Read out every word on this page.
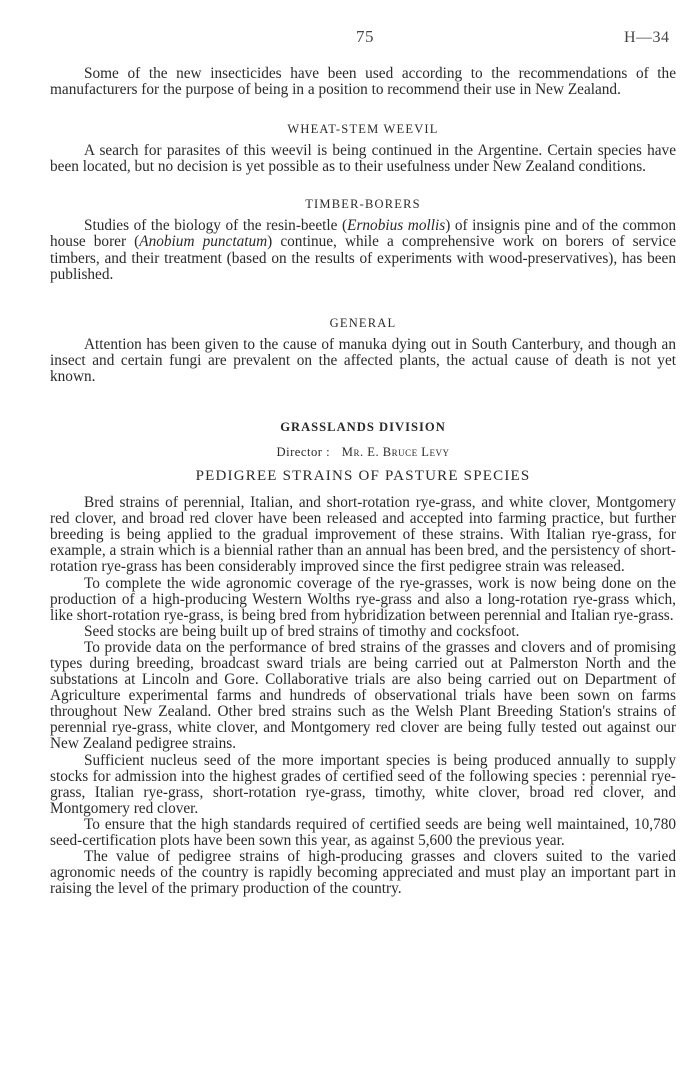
75	H—34

Some of the new insecticides have been used according to the recommendations of the manufacturers for the purpose of being in a position to recommend their use in New Zealand.

WHEAT-STEM WEEVIL

A search for parasites of this weevil is being continued in the Argentine. Certain species have been located, but no decision is yet possible as to their usefulness under New Zealand conditions.

TIMBER-BORERS

Studies of the biology of the resin-beetle (Ernobius mollis) of insignis pine and of the common house borer (Anobium punctatum) continue, while a comprehensive work on borers of service timbers, and their treatment (based on the results of experiments with wood-preservatives), has been published.

GENERAL

Attention has been given to the cause of manuka dying out in South Canterbury, and though an insect and certain fungi are prevalent on the affected plants, the actual cause of death is not yet known.

GRASSLANDS DIVISION
Director : Mr. E. Bruce Levy
PEDIGREE STRAINS OF PASTURE SPECIES

Bred strains of perennial, Italian, and short-rotation rye-grass, and white clover, Montgomery red clover, and broad red clover have been released and accepted into farming practice, but further breeding is being applied to the gradual improvement of these strains. With Italian rye-grass, for example, a strain which is a biennial rather than an annual has been bred, and the persistency of short-rotation rye-grass has been considerably improved since the first pedigree strain was released.

To complete the wide agronomic coverage of the rye-grasses, work is now being done on the production of a high-producing Western Wolths rye-grass and also a long-rotation rye-grass which, like short-rotation rye-grass, is being bred from hybridization between perennial and Italian rye-grass.

Seed stocks are being built up of bred strains of timothy and cocksfoot.

To provide data on the performance of bred strains of the grasses and clovers and of promising types during breeding, broadcast sward trials are being carried out at Palmerston North and the substations at Lincoln and Gore. Collaborative trials are also being carried out on Department of Agriculture experimental farms and hundreds of observational trials have been sown on farms throughout New Zealand. Other bred strains such as the Welsh Plant Breeding Station's strains of perennial rye-grass, white clover, and Montgomery red clover are being fully tested out against our New Zealand pedigree strains.

Sufficient nucleus seed of the more important species is being produced annually to supply stocks for admission into the highest grades of certified seed of the following species : perennial rye-grass, Italian rye-grass, short-rotation rye-grass, timothy, white clover, broad red clover, and Montgomery red clover.

To ensure that the high standards required of certified seeds are being well maintained, 10,780 seed-certification plots have been sown this year, as against 5,600 the previous year.

The value of pedigree strains of high-producing grasses and clovers suited to the varied agronomic needs of the country is rapidly becoming appreciated and must play an important part in raising the level of the primary production of the country.
